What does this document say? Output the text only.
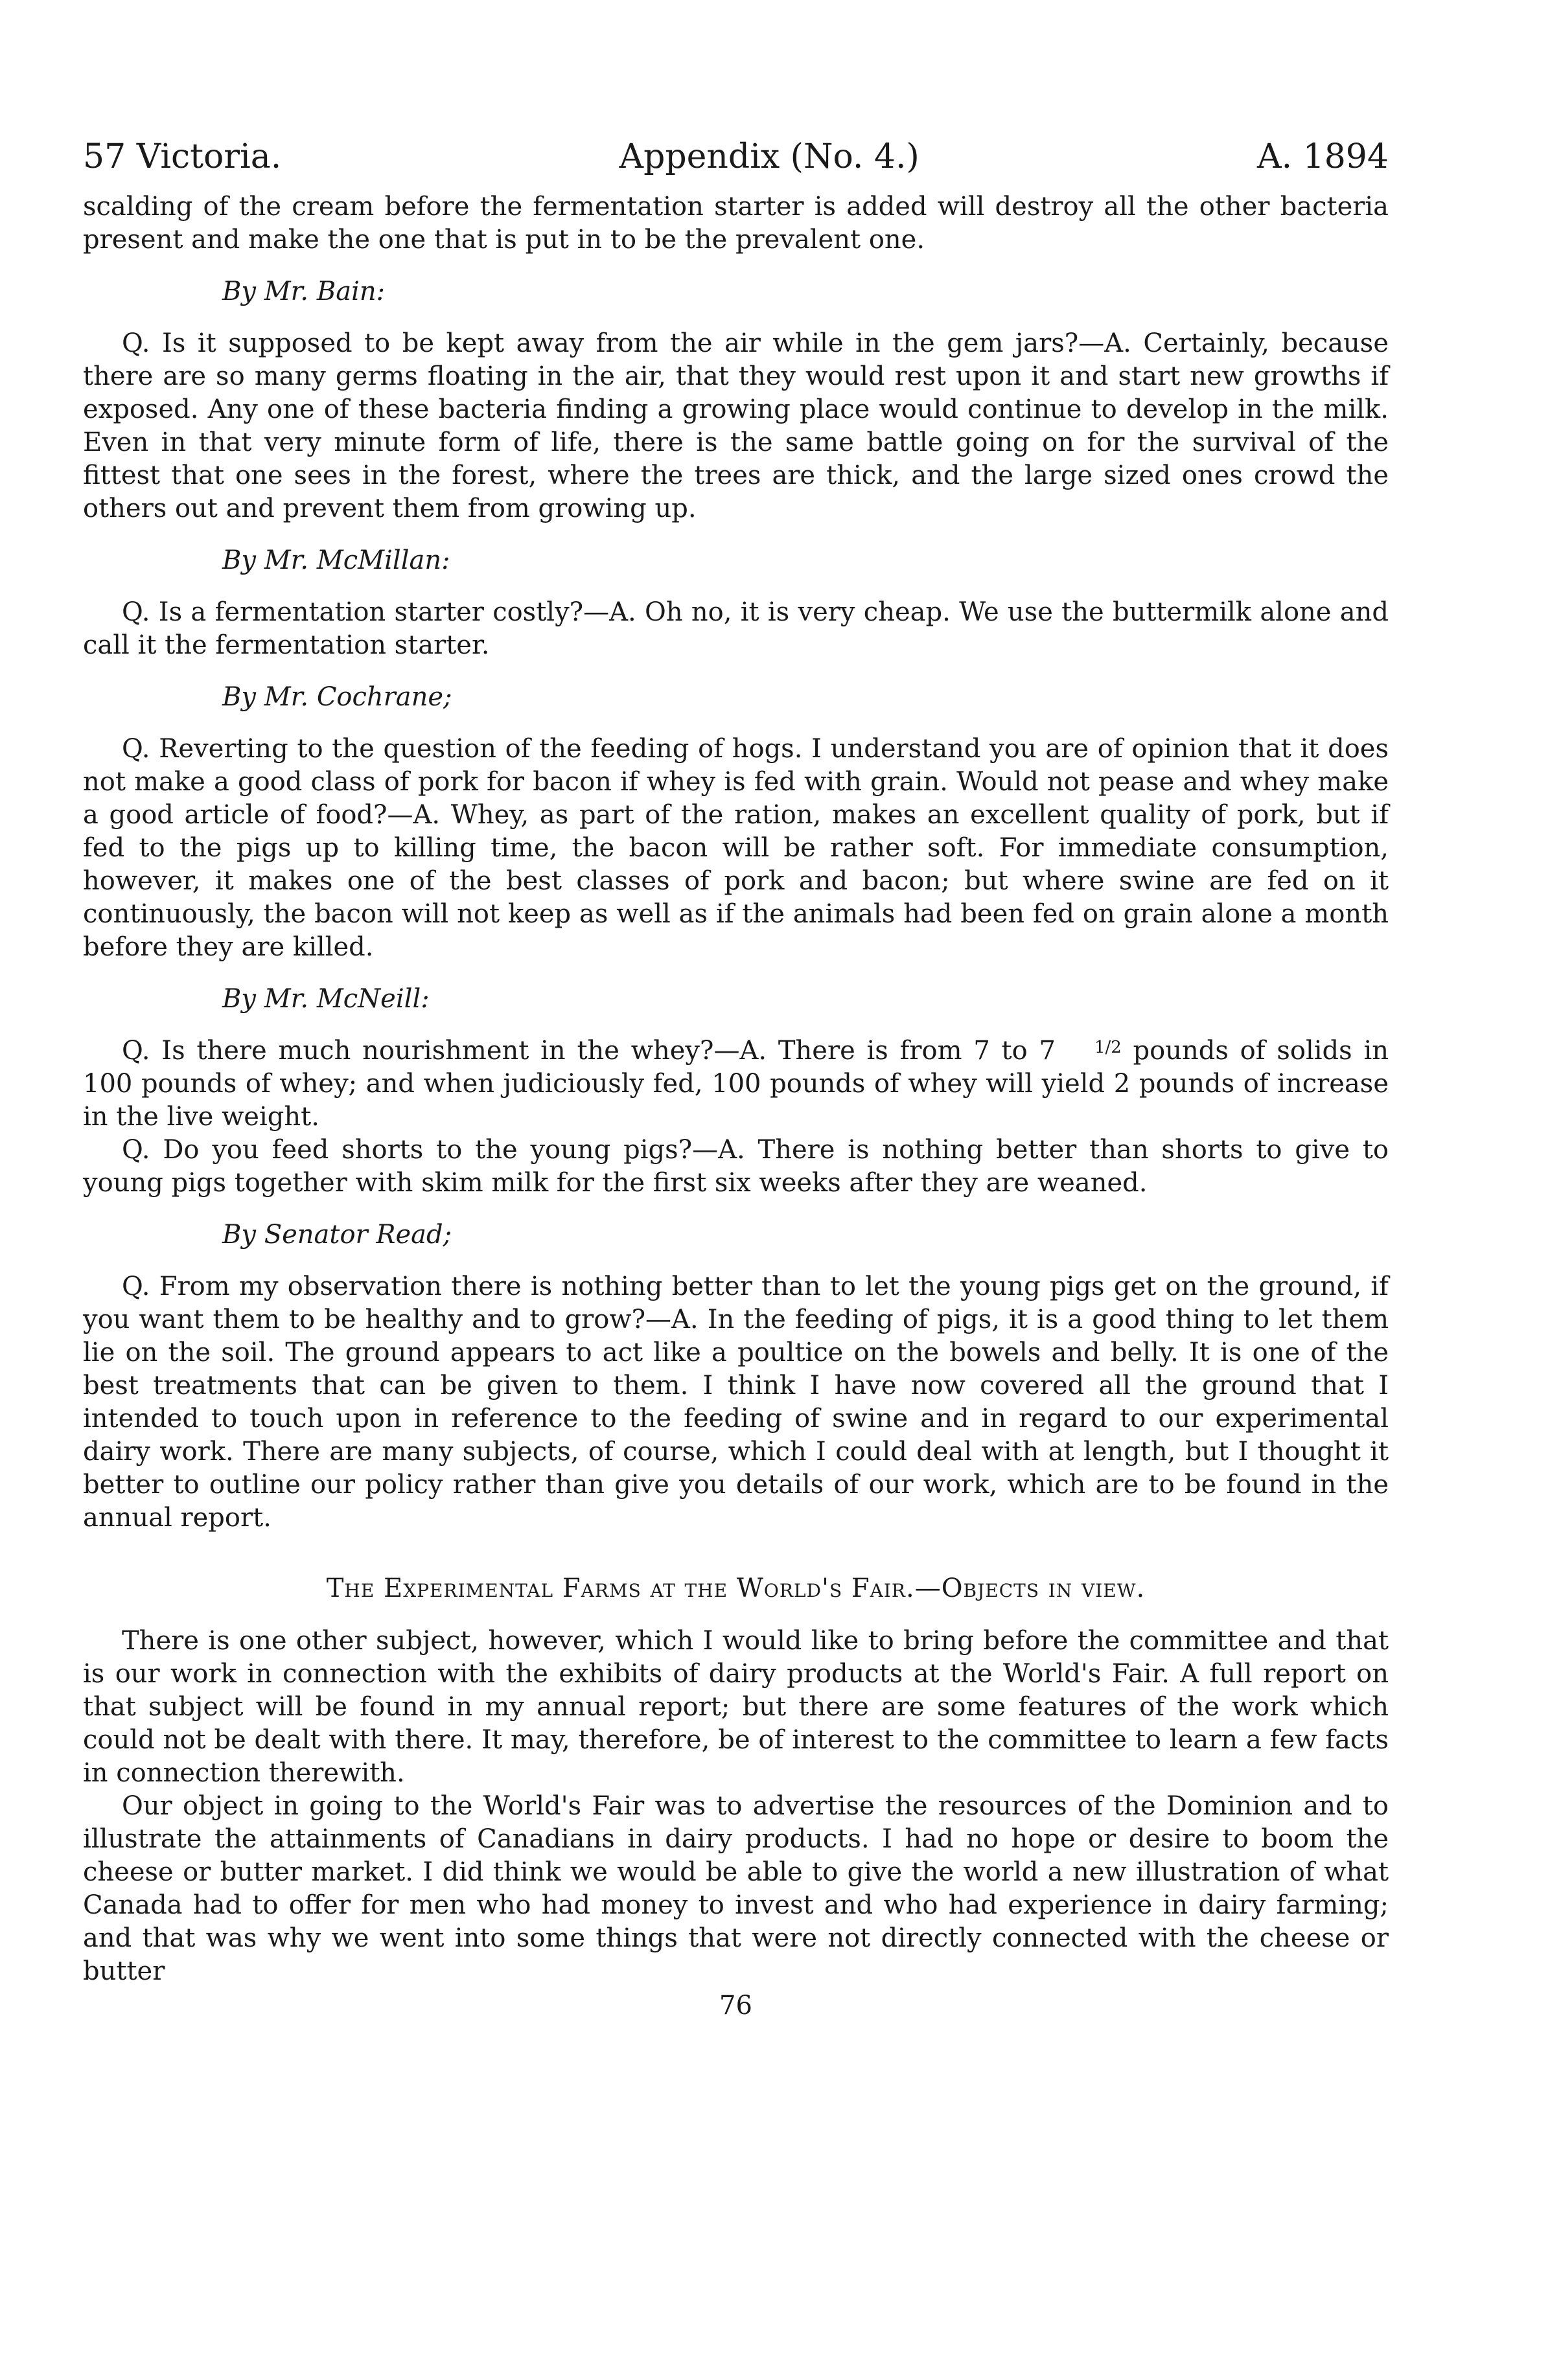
57 Victoria.	Appendix (No. 4.)	A. 1894

scalding of the cream before the fermentation starter is added will destroy all the other bacteria present and make the one that is put in to be the prevalent one.

By Mr. Bain:

Q. Is it supposed to be kept away from the air while in the gem jars?—A. Certainly, because there are so many germs floating in the air, that they would rest upon it and start new growths if exposed. Any one of these bacteria finding a growing place would continue to develop in the milk. Even in that very minute form of life, there is the same battle going on for the survival of the fittest that one sees in the forest, where the trees are thick, and the large sized ones crowd the others out and prevent them from growing up.

By Mr. McMillan:

Q. Is a fermentation starter costly?—A. Oh no, it is very cheap. We use the buttermilk alone and call it the fermentation starter.

By Mr. Cochrane;

Q. Reverting to the question of the feeding of hogs. I understand you are of opinion that it does not make a good class of pork for bacon if whey is fed with grain. Would not pease and whey make a good article of food?—A. Whey, as part of the ration, makes an excellent quality of pork, but if fed to the pigs up to killing time, the bacon will be rather soft. For immediate consumption, however, it makes one of the best classes of pork and bacon; but where swine are fed on it continuously, the bacon will not keep as well as if the animals had been fed on grain alone a month before they are killed.

By Mr. McNeill:

Q. Is there much nourishment in the whey?—A. There is from 7 to 7 1/2 pounds of solids in 100 pounds of whey; and when judiciously fed, 100 pounds of whey will yield 2 pounds of increase in the live weight.

Q. Do you feed shorts to the young pigs?—A. There is nothing better than shorts to give to young pigs together with skim milk for the first six weeks after they are weaned.

By Senator Read;

Q. From my observation there is nothing better than to let the young pigs get on the ground, if you want them to be healthy and to grow?—A. In the feeding of pigs, it is a good thing to let them lie on the soil. The ground appears to act like a poultice on the bowels and belly. It is one of the best treatments that can be given to them. I think I have now covered all the ground that I intended to touch upon in reference to the feeding of swine and in regard to our experimental dairy work. There are many subjects, of course, which I could deal with at length, but I thought it better to outline our policy rather than give you details of our work, which are to be found in the annual report.

The Experimental Farms at the World's Fair.—Objects in view.

There is one other subject, however, which I would like to bring before the committee and that is our work in connection with the exhibits of dairy products at the World's Fair. A full report on that subject will be found in my annual report; but there are some features of the work which could not be dealt with there. It may, therefore, be of interest to the committee to learn a few facts in connection therewith.

Our object in going to the World's Fair was to advertise the resources of the Dominion and to illustrate the attainments of Canadians in dairy products. I had no hope or desire to boom the cheese or butter market. I did think we would be able to give the world a new illustration of what Canada had to offer for men who had money to invest and who had experience in dairy farming; and that was why we went into some things that were not directly connected with the cheese or butter

76
